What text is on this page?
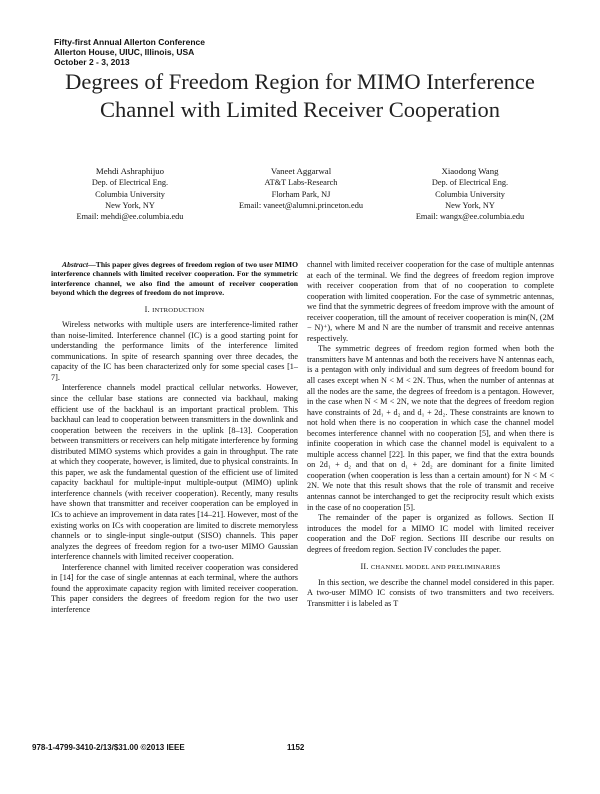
Fifty-first Annual Allerton Conference
Allerton House, UIUC, Illinois, USA
October 2 - 3, 2013
Degrees of Freedom Region for MIMO Interference Channel with Limited Receiver Cooperation
Mehdi Ashraphijuo
Dep. of Electrical Eng.
Columbia University
New York, NY
Email: mehdi@ee.columbia.edu
Vaneet Aggarwal
AT&T Labs-Research
Florham Park, NJ
Email: vaneet@alumni.princeton.edu
Xiaodong Wang
Dep. of Electrical Eng.
Columbia University
New York, NY
Email: wangx@ee.columbia.edu

Abstract—This paper gives degrees of freedom region of two user MIMO interference channels with limited receiver cooperation. For the symmetric interference channel, we also find the amount of receiver cooperation beyond which the degrees of freedom do not improve.

I. INTRODUCTION

Wireless networks with multiple users are interference-limited rather than noise-limited. Interference channel (IC) is a good starting point for understanding the performance limits of the interference limited communications. In spite of research spanning over three decades, the capacity of the IC has been characterized only for some special cases [1–7].

Interference channels model practical cellular networks. However, since the cellular base stations are connected via backhaul, making efficient use of the backhaul is an important practical problem. This backhaul can lead to cooperation between transmitters in the downlink and cooperation between the receivers in the uplink [8–13]. Cooperation between transmitters or receivers can help mitigate interference by forming distributed MIMO systems which provides a gain in throughput. The rate at which they cooperate, however, is limited, due to physical constraints. In this paper, we ask the fundamental question of the efficient use of limited capacity backhaul for multiple-input multiple-output (MIMO) uplink interference channels (with receiver cooperation). Recently, many results have shown that transmitter and receiver cooperation can be employed in ICs to achieve an improvement in data rates [14–21]. However, most of the existing works on ICs with cooperation are limited to discrete memoryless channels or to single-input single-output (SISO) channels. This paper analyzes the degrees of freedom region for a two-user MIMO Gaussian interference channels with limited receiver cooperation.

Interference channel with limited receiver cooperation was considered in [14] for the case of single antennas at each terminal, where the authors found the approximate capacity region with limited receiver cooperation. This paper considers the degrees of freedom region for the two user interference

channel with limited receiver cooperation for the case of multiple antennas at each of the terminal. We find the degrees of freedom region improve with receiver cooperation from that of no cooperation to complete cooperation with limited cooperation. For the case of symmetric antennas, we find that the symmetric degrees of freedom improve with the amount of receiver cooperation, till the amount of receiver cooperation is min(N, (2M − N)⁺), where M and N are the number of transmit and receive antennas respectively.

The symmetric degrees of freedom region formed when both the transmitters have M antennas and both the receivers have N antennas each, is a pentagon with only individual and sum degrees of freedom bound for all cases except when N < M < 2N. Thus, when the number of antennas at all the nodes are the same, the degrees of freedom is a pentagon. However, in the case when N < M < 2N, we note that the degrees of freedom region have constraints of 2d₁ + d₂ and d₁ + 2d₂. These constraints are known to not hold when there is no cooperation in which case the channel model becomes interference channel with no cooperation [5], and when there is infinite cooperation in which case the channel model is equivalent to a multiple access channel [22]. In this paper, we find that the extra bounds on 2d₁ + d₂ and that on d₁ + 2d₂ are dominant for a finite limited cooperation (when cooperation is less than a certain amount) for N < M < 2N. We note that this result shows that the role of transmit and receive antennas cannot be interchanged to get the reciprocity result which exists in the case of no cooperation [5].

The remainder of the paper is organized as follows. Section II introduces the model for a MIMO IC model with limited receiver cooperation and the DoF region. Sections III describe our results on degrees of freedom region. Section IV concludes the paper.

II. CHANNEL MODEL AND PRELIMINARIES

In this section, we describe the channel model considered in this paper. A two-user MIMO IC consists of two transmitters and two receivers. Transmitter i is labeled as T

978-1-4799-3410-2/13/$31.00 ©2013 IEEE	1152
